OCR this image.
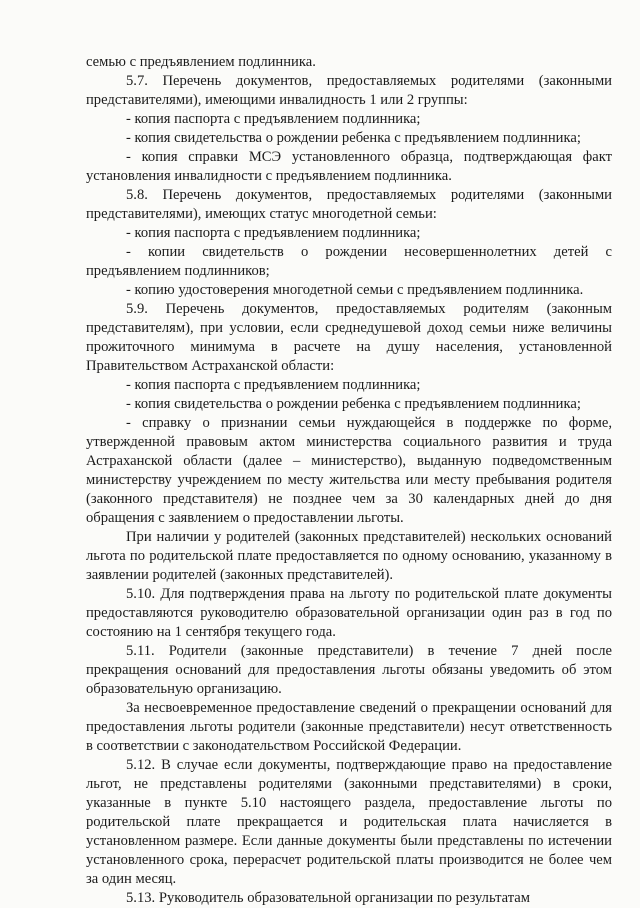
семью с предъявлением подлинника.

5.7. Перечень документов, предоставляемых родителями (законными представителями), имеющими инвалидность 1 или 2 группы:

- копия паспорта с предъявлением подлинника;

- копия свидетельства о рождении ребенка с предъявлением подлинника;

- копия справки МСЭ установленного образца, подтверждающая факт установления инвалидности с предъявлением подлинника.

5.8. Перечень документов, предоставляемых родителями (законными представителями), имеющих статус многодетной семьи:

- копия паспорта с предъявлением подлинника;

- копии свидетельств о рождении несовершеннолетних детей с предъявлением подлинников;

- копию удостоверения многодетной семьи с предъявлением подлинника.

5.9. Перечень документов, предоставляемых родителям (законным представителям), при условии, если среднедушевой доход семьи ниже величины прожиточного минимума в расчете на душу населения, установленной Правительством Астраханской области:

- копия паспорта с предъявлением подлинника;

- копия свидетельства о рождении ребенка с предъявлением подлинника;

- справку о признании семьи нуждающейся в поддержке по форме, утвержденной правовым актом министерства социального развития и труда Астраханской области (далее – министерство), выданную подведомственным министерству учреждением по месту жительства или месту пребывания родителя (законного представителя) не позднее чем за 30 календарных дней до дня обращения с заявлением о предоставлении льготы.

При наличии у родителей (законных представителей) нескольких оснований льгота по родительской плате предоставляется по одному основанию, указанному в заявлении родителей (законных представителей).

5.10. Для подтверждения права на льготу по родительской плате документы предоставляются руководителю образовательной организации один раз в год по состоянию на 1 сентября текущего года.

5.11. Родители (законные представители) в течение 7 дней после прекращения оснований для предоставления льготы обязаны уведомить об этом образовательную организацию.

За несвоевременное предоставление сведений о прекращении оснований для предоставления льготы родители (законные представители) несут ответственность в соответствии с законодательством Российской Федерации.

5.12. В случае если документы, подтверждающие право на предоставление льгот, не представлены родителями (законными представителями) в сроки, указанные в пункте 5.10 настоящего раздела, предоставление льготы по родительской плате прекращается и родительская плата начисляется в установленном размере. Если данные документы были представлены по истечении установленного срока, перерасчет родительской платы производится не более чем за один месяц.

5.13. Руководитель образовательной организации по результатам
